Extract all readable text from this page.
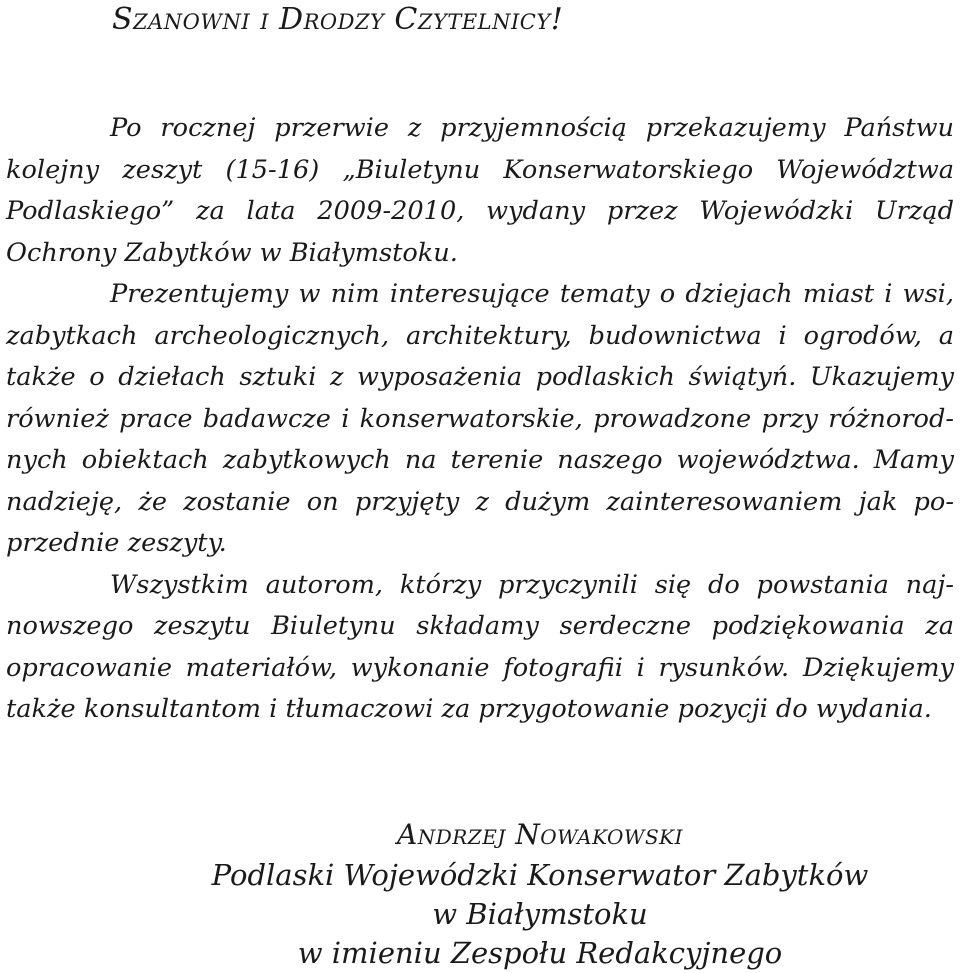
Szanowni i Drodzy Czytelnicy!

Po rocznej przerwie z przyjemnością przekazujemy Państwu kolejny zeszyt (15-16) „Biuletynu Konserwatorskiego Województwa Podlaskiego” za lata 2009-2010, wydany przez Wojewódzki Urząd Ochrony Zabytków w Białymstoku.

Prezentujemy w nim interesujące tematy o dziejach miast i wsi, zabytkach archeologicznych, architektury, budownictwa i ogrodów, a także o dziełach sztuki z wyposażenia podlaskich świątyń. Ukazujemy również prace badawcze i konserwatorskie, prowadzone przy różnorodnych obiektach zabytkowych na terenie naszego województwa. Mamy nadzieję, że zostanie on przyjęty z dużym zainteresowaniem jak poprzednie zeszyty.

Wszystkim autorom, którzy przyczynili się do powstania najnowszego zeszytu Biuletynu składamy serdeczne podziękowania za opracowanie materiałów, wykonanie fotografii i rysunków. Dziękujemy także konsultantom i tłumaczowi za przygotowanie pozycji do wydania.

Andrzej Nowakowski
Podlaski Wojewódzki Konserwator Zabytków
w Białymstoku
w imieniu Zespołu Redakcyjnego
